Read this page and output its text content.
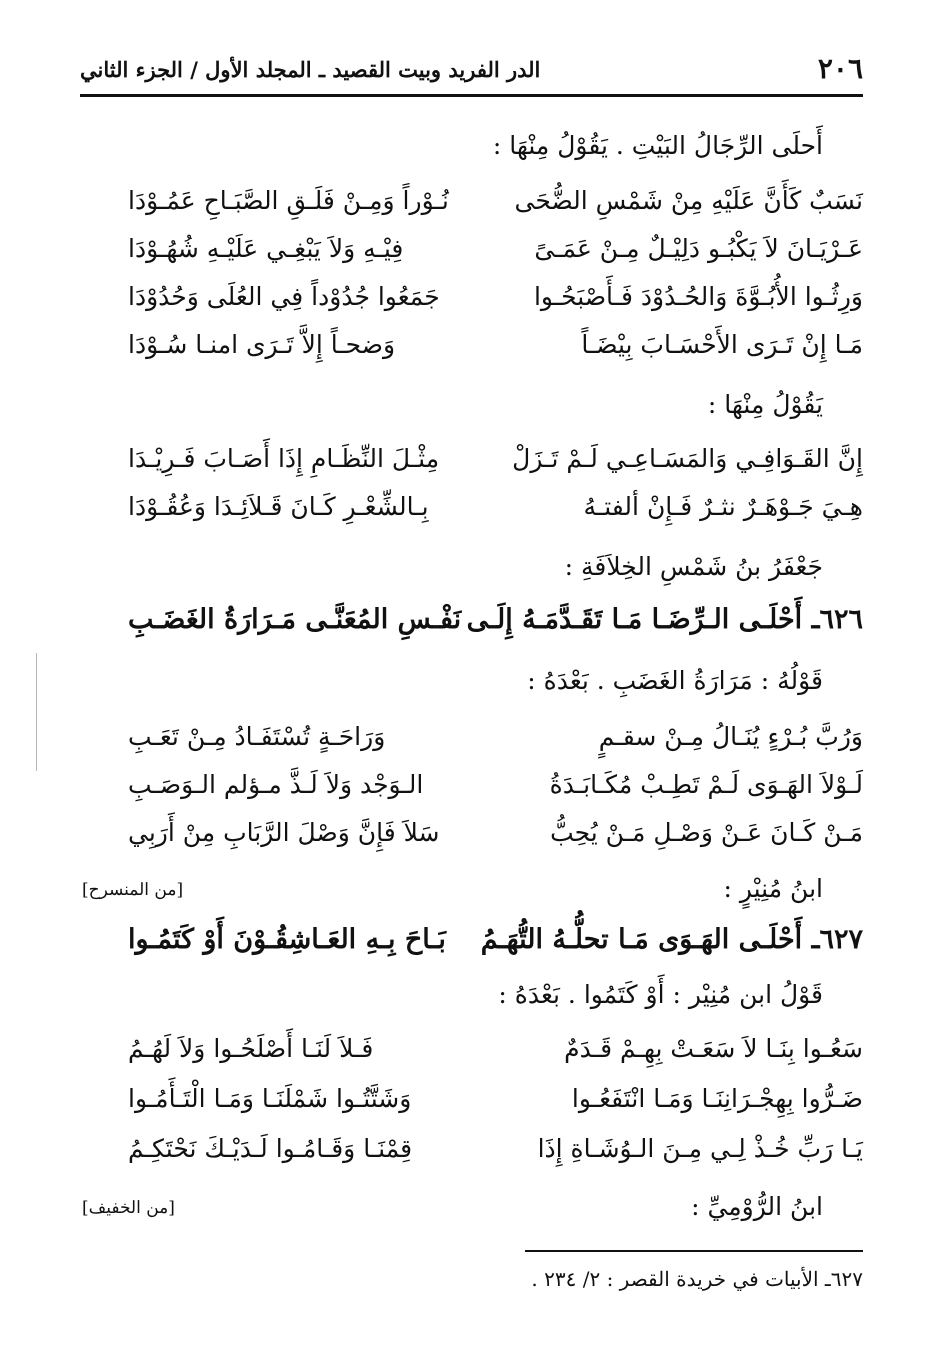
٢٠٦
الدر الفريد وبيت القصيد ـ المجلد الأول / الجزء الثاني
أَحلَى الرِّجَالُ البَيْتِ . يَقُوْلُ مِنْهَا :
نَسَبٌ كَأَنَّ عَلَيْهِ مِنْ شَمْسِ الضُّحَى
نُـوْراً وَمِـنْ فَلَـقِ الصَّبَـاحِ عَمُـوْدَا
عَـرْيَـانَ لاَ يَكْبُـو دَلِيْـلٌ مِـنْ عَمَـىً
فِيْـهِ وَلاَ يَبْغِـي عَلَيْـهِ شُهُـوْدَا
وَرِثُـوا الأُبُـوَّةَ وَالحُـدُوْدَ فَـأَصْبَحُـوا
جَمَعُوا جُدُوْداً فِي العُلَى وَحُدُوْدَا
مَـا إِنْ تَـرَى الأَحْسَـابَ بِيْضَـاً
وَضحـاً إِلاَّ تَـرَى امنـا سُـوْدَا
يَقُوْلُ مِنْهَا :
إِنَّ القَـوَافِـي وَالمَسَـاعِـي لَـمْ تَـزَلْ
مِثْـلَ النِّظَـامِ إِذَا أَصَـابَ فَـرِيْـدَا
هِـيَ جَـوْهَـرٌ نثـرٌ فَـإِنْ ألفتـهُ
بِـالشِّعْـرِ كَـانَ قَـلاَئِـدَا وَعُقُـوْدَا
جَعْفَرُ بنُ شَمْسِ الخِلاَفَةِ :
٦٢٦ـ أَحْلَـى الـرِّضَـا مَـا تَقَـدَّمَـهُ إِلَـى
نَفْـسِ المُعَنَّـى مَـرَارَةُ الغَضَـبِ
قَوْلُهُ : مَرَارَةُ الغَضَبِ . بَعْدَهُ :
وَرُبَّ بُـرْءٍ يُنَـالُ مِـنْ سقـمٍ
وَرَاحَـةٍ تُسْتَفَـادُ مِـنْ تَعَـبِ
لَـوْلاَ الهَـوَى لَـمْ تَطِـبْ مُكَـابَـدَةُ
الـوَجْد وَلاَ لَـذَّ مـؤلم الـوَصَـبِ
مَـنْ كَـانَ عَـنْ وَصْـلِ مَـنْ يُحِبُّ
سَلاَ فَإِنَّ وَصْلَ الرَّبَابِ مِنْ أَرَبِي
ابنُ مُنِيْرٍ :
[من المنسرح]
٦٢٧ـ أَحْلَـى الهَـوَى مَـا تحلُّـهُ التُّهَـمُ
بَـاحَ بِـهِ العَـاشِقُـوْنَ أَوْ كَتَمُـوا
قَوْلُ ابن مُنِيْر : أَوْ كَتَمُوا . بَعْدَهُ :
سَعُـوا بِنَـا لاَ سَعَـتْ بِهِـمْ قَـدَمٌ
فَـلاَ لَنَـا أَصْلَحُـوا وَلاَ لَهُـمُ
ضَـرُّوا بِهِجْـرَانِنَـا وَمَـا انْتَفَعُـوا
وَشَتَّتُـوا شَمْلَنَـا وَمَـا الْتَـأَمُـوا
يَـا رَبِّ خُـذْ لِـي مِـنَ الـوُشَـاةِ إِذَا
قِمْنَـا وَقَـامُـوا لَـدَيْـكَ نَحْتَكِـمُ
ابنُ الرُّوْمِيِّ :
[من الخفيف]
٦٢٧ـ الأبيات في خريدة القصر : ٢/ ٢٣٤ .
